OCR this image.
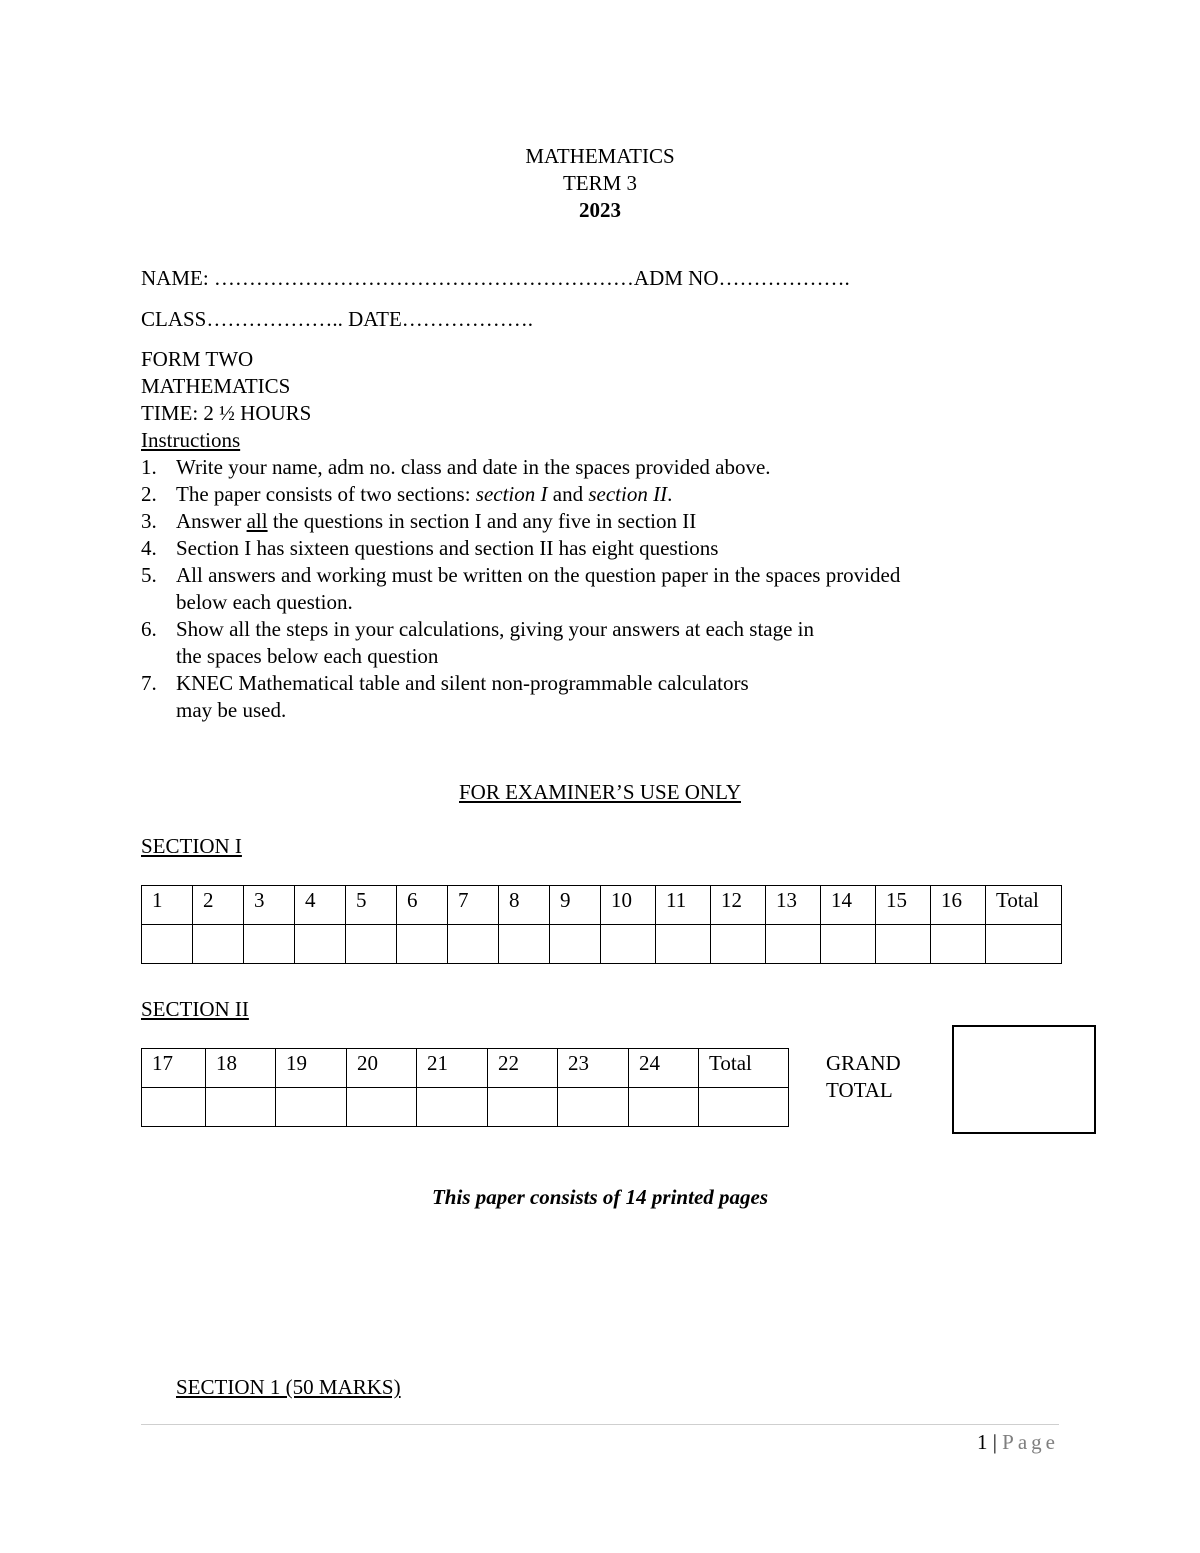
MATHEMATICS
TERM 3
2023
NAME: ……………………………………………………ADM NO……………….
CLASS……………….. DATE……………….
FORM TWO
MATHEMATICS
TIME: 2 ½ HOURS
Instructions
1. Write your name, adm no. class and date in the spaces provided above.
2. The paper consists of two sections: section I and section II.
3. Answer all the questions in section I and any five in section II
4. Section I has sixteen questions and section II has eight questions
5. All answers and working must be written on the question paper in the spaces provided
below each question.
6. Show all the steps in your calculations, giving your answers at each stage in
the spaces below each question
7. KNEC Mathematical table and silent non-programmable calculators
may be used.
FOR EXAMINER’S USE ONLY
SECTION I
1	2	3	4	5	6	7	8	9	10	11	12	13	14	15	16	Total

SECTION II
17	18	19	20	21	22	23	24	Total
									GRAND
TOTAL
This paper consists of 14 printed pages
SECTION 1 (50 MARKS)
1 | Page
